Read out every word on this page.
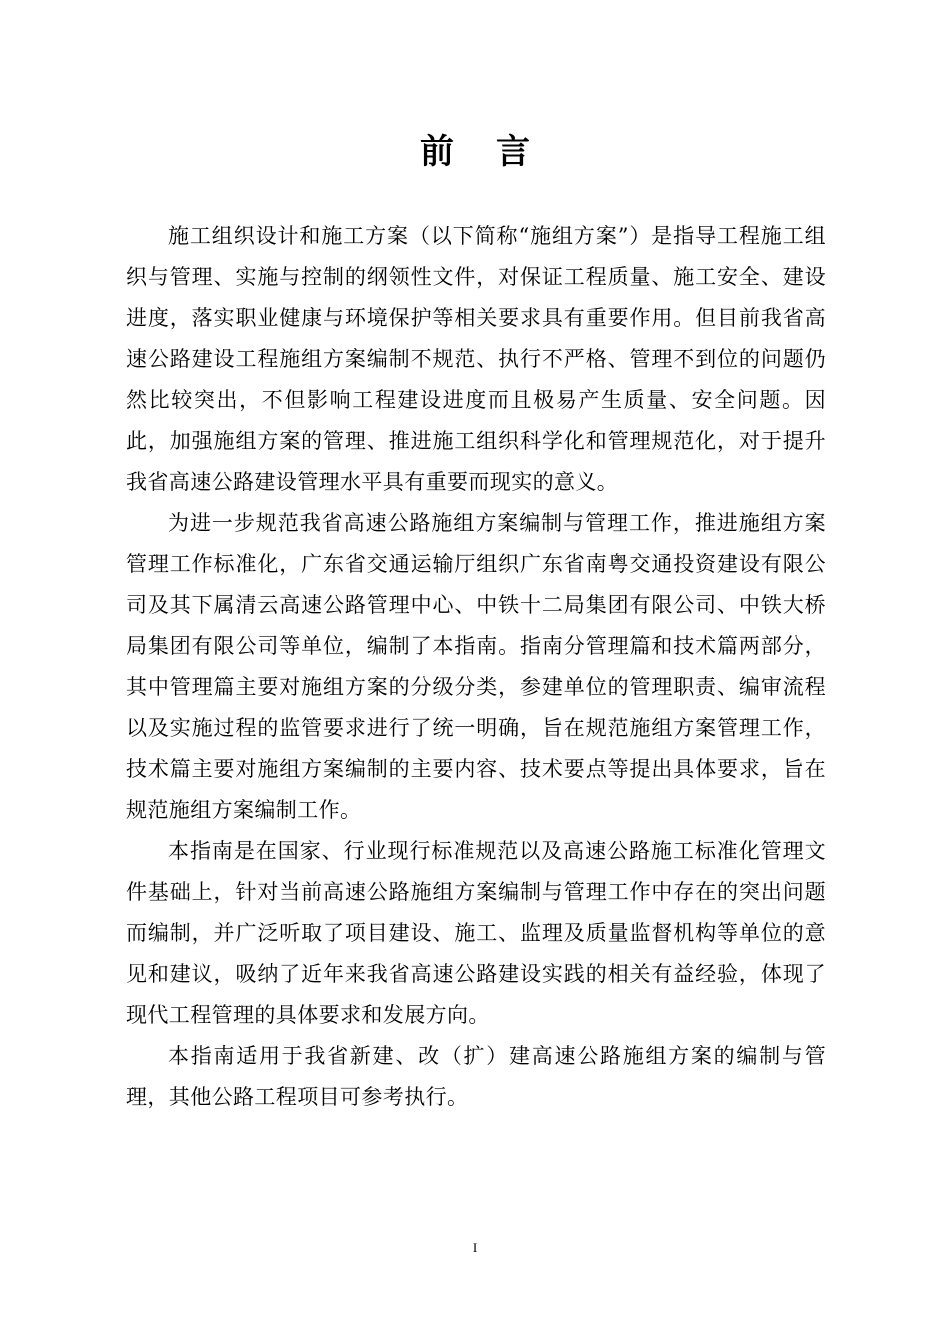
前 言

施工组织设计和施工方案（以下简称“施组方案”）是指导工程施工组织与管理、实施与控制的纲领性文件，对保证工程质量、施工安全、建设进度，落实职业健康与环境保护等相关要求具有重要作用。但目前我省高速公路建设工程施组方案编制不规范、执行不严格、管理不到位的问题仍然比较突出，不但影响工程建设进度而且极易产生质量、安全问题。因此，加强施组方案的管理、推进施工组织科学化和管理规范化，对于提升我省高速公路建设管理水平具有重要而现实的意义。

为进一步规范我省高速公路施组方案编制与管理工作，推进施组方案管理工作标准化，广东省交通运输厅组织广东省南粤交通投资建设有限公司及其下属清云高速公路管理中心、中铁十二局集团有限公司、中铁大桥局集团有限公司等单位，编制了本指南。指南分管理篇和技术篇两部分，其中管理篇主要对施组方案的分级分类，参建单位的管理职责、编审流程以及实施过程的监管要求进行了统一明确，旨在规范施组方案管理工作，技术篇主要对施组方案编制的主要内容、技术要点等提出具体要求，旨在规范施组方案编制工作。

本指南是在国家、行业现行标准规范以及高速公路施工标准化管理文件基础上，针对当前高速公路施组方案编制与管理工作中存在的突出问题而编制，并广泛听取了项目建设、施工、监理及质量监督机构等单位的意见和建议，吸纳了近年来我省高速公路建设实践的相关有益经验，体现了现代工程管理的具体要求和发展方向。

本指南适用于我省新建、改（扩）建高速公路施组方案的编制与管理，其他公路工程项目可参考执行。

I
